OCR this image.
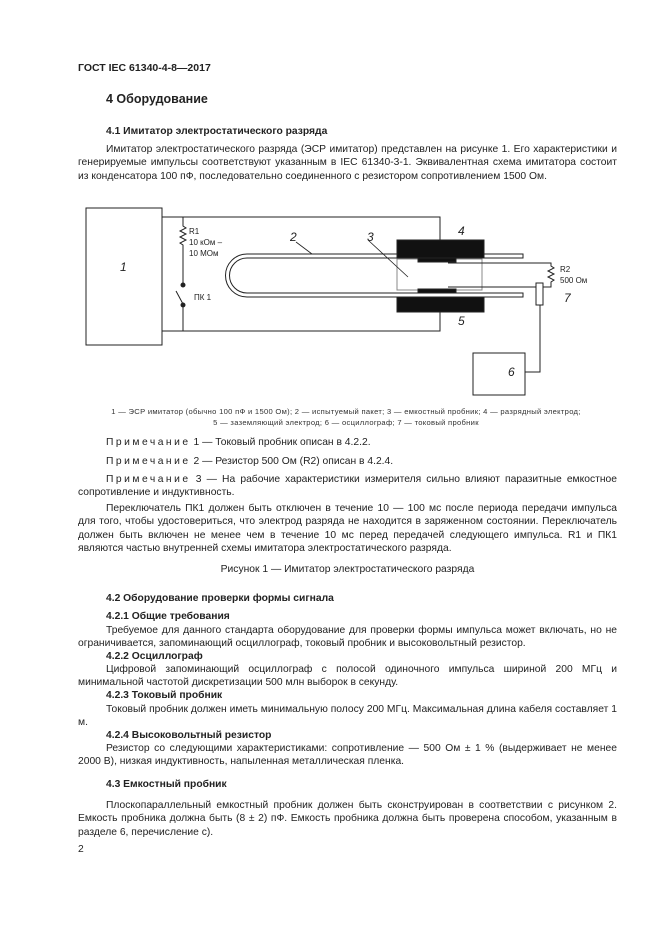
ГОСТ IEC 61340-4-8—2017
4 Оборудование
4.1 Имитатор электростатического разряда
Имитатор электростатического разряда (ЭСР имитатор) представлен на рисунке 1. Его характеристики и генерируемые импульсы соответствуют указанным в IEC 61340-3-1. Эквивалентная схема имитатора состоит из конденсатора 100 пФ, последовательно соединенного с резистором сопротивлением 1500 Ом.
1
2	3	4
5
6
7
R1
10 кОм –
10 МОм
ПК 1
R2
500 Ом
1 — ЭСР имитатор (обычно 100 пФ и 1500 Ом); 2 — испытуемый пакет; 3 — емкостный пробник; 4 — разрядный электрод;
5 — заземляющий электрод; 6 — осциллограф; 7 — токовый пробник
Примечание 1 — Токовый пробник описан в 4.2.2.
Примечание 2 — Резистор 500 Ом (R2) описан в 4.2.4.
Примечание 3 — На рабочие характеристики измерителя сильно влияют паразитные емкостное сопротивление и индуктивность.
Переключатель ПК1 должен быть отключен в течение 10 — 100 мс после периода передачи импульса для того, чтобы удостовериться, что электрод разряда не находится в заряженном состоянии. Переключатель должен быть включен не менее чем в течение 10 мс перед передачей следующего импульса. R1 и ПК1 являются частью внутренней схемы имитатора электростатического разряда.
Рисунок 1 — Имитатор электростатического разряда
4.2 Оборудование проверки формы сигнала
4.2.1 Общие требования
Требуемое для данного стандарта оборудование для проверки формы импульса может включать, но не ограничивается, запоминающий осциллограф, токовый пробник и высоковольтный резистор.
4.2.2 Осциллограф
Цифровой запоминающий осциллограф с полосой одиночного импульса шириной 200 МГц и минимальной частотой дискретизации 500 млн выборок в секунду.
4.2.3 Токовый пробник
Токовый пробник должен иметь минимальную полосу 200 МГц. Максимальная длина кабеля составляет 1 м.
4.2.4 Высоковольтный резистор
Резистор со следующими характеристиками: сопротивление — 500 Ом ± 1 % (выдерживает не менее 2000 В), низкая индуктивность, напыленная металлическая пленка.
4.3 Емкостный пробник
Плоскопараллельный емкостный пробник должен быть сконструирован в соответствии с рисунком 2. Емкость пробника должна быть (8 ± 2) пФ. Емкость пробника должна быть проверена способом, указанным в разделе 6, перечисление c).
2
